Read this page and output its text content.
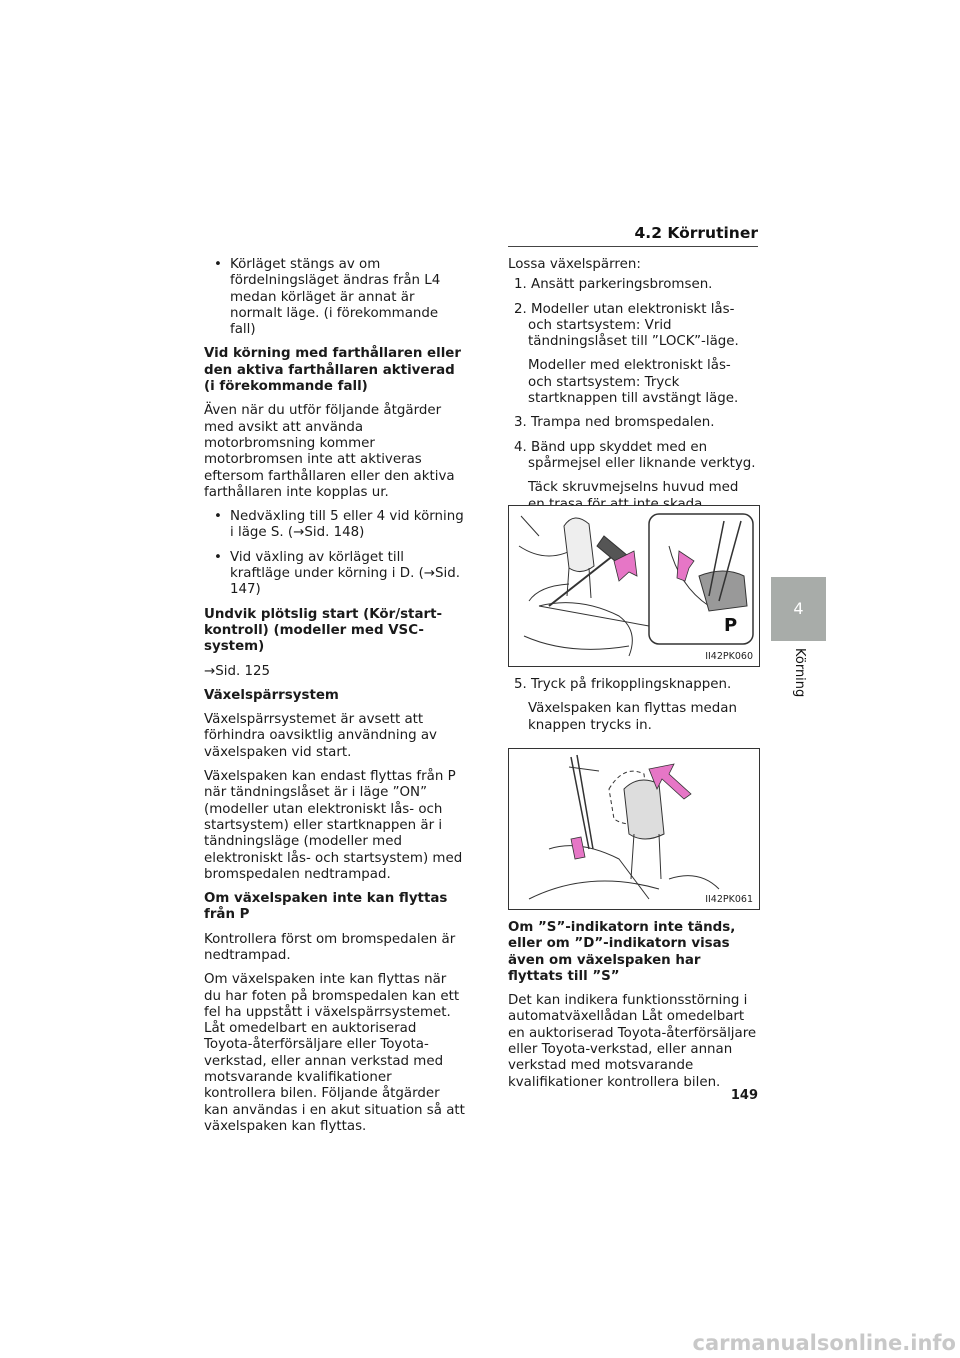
4.2 Körrutiner

• Körläget stängs av om fördelningsläget ändras från L4 medan körläget är annat är normalt läge. (i förekommande fall)

Vid körning med farthållaren eller den aktiva farthållaren aktiverad (i förekommande fall)

Även när du utför följande åtgärder med avsikt att använda motorbromsning kommer motorbromsen inte att aktiveras eftersom farthållaren eller den aktiva farthållaren inte kopplas ur.

• Nedväxling till 5 eller 4 vid körning i läge S. (→Sid. 148)

• Vid växling av körläget till kraftläge under körning i D. (→Sid. 147)

Undvik plötslig start (Kör/start-kontroll) (modeller med VSC-system)

→Sid. 125

Växelspärrsystem

Växelspärrsystemet är avsett att förhindra oavsiktlig användning av växelspaken vid start.

Växelspaken kan endast flyttas från P när tändningslåset är i läge ”ON” (modeller utan elektroniskt lås- och startsystem) eller startknappen är i tändningsläge (modeller med elektroniskt lås- och startsystem) med bromspedalen nedtrampad.

Om växelspaken inte kan flyttas från P

Kontrollera först om bromspedalen är nedtrampad.

Om växelspaken inte kan flyttas när du har foten på bromspedalen kan ett fel ha uppstått i växelspärrsystemet. Låt omedelbart en auktoriserad Toyota-återförsäljare eller Toyota-verkstad, eller annan verkstad med motsvarande kvalifikationer kontrollera bilen. Följande åtgärder kan användas i en akut situation så att växelspaken kan flyttas.

Lossa växelspärren:

1. Ansätt parkeringsbromsen.

2. Modeller utan elektroniskt lås- och startsystem: Vrid tändningslåset till ”LOCK”-läge.

Modeller med elektroniskt lås- och startsystem: Tryck startknappen till avstängt läge.

3. Trampa ned bromspedalen.

4. Bänd upp skyddet med en spårmejsel eller liknande verktyg.

Täck skruvmejselns huvud med

P
II42PK060

5. Tryck på frikopplingsknappen.

Växelspaken kan flyttas medan knappen trycks in.

II42PK061

Om ”S”-indikatorn inte tänds, eller om ”D”-indikatorn visas även om växelspaken har flyttats till ”S”

Det kan indikera funktionsstörning i automatväxellådan Låt omedelbart en auktoriserad Toyota-återförsäljare eller Toyota-verkstad, eller annan verkstad med motsvarande kvalifikationer kontrollera bilen.

149
4
Körning
carmanualsonline.info
